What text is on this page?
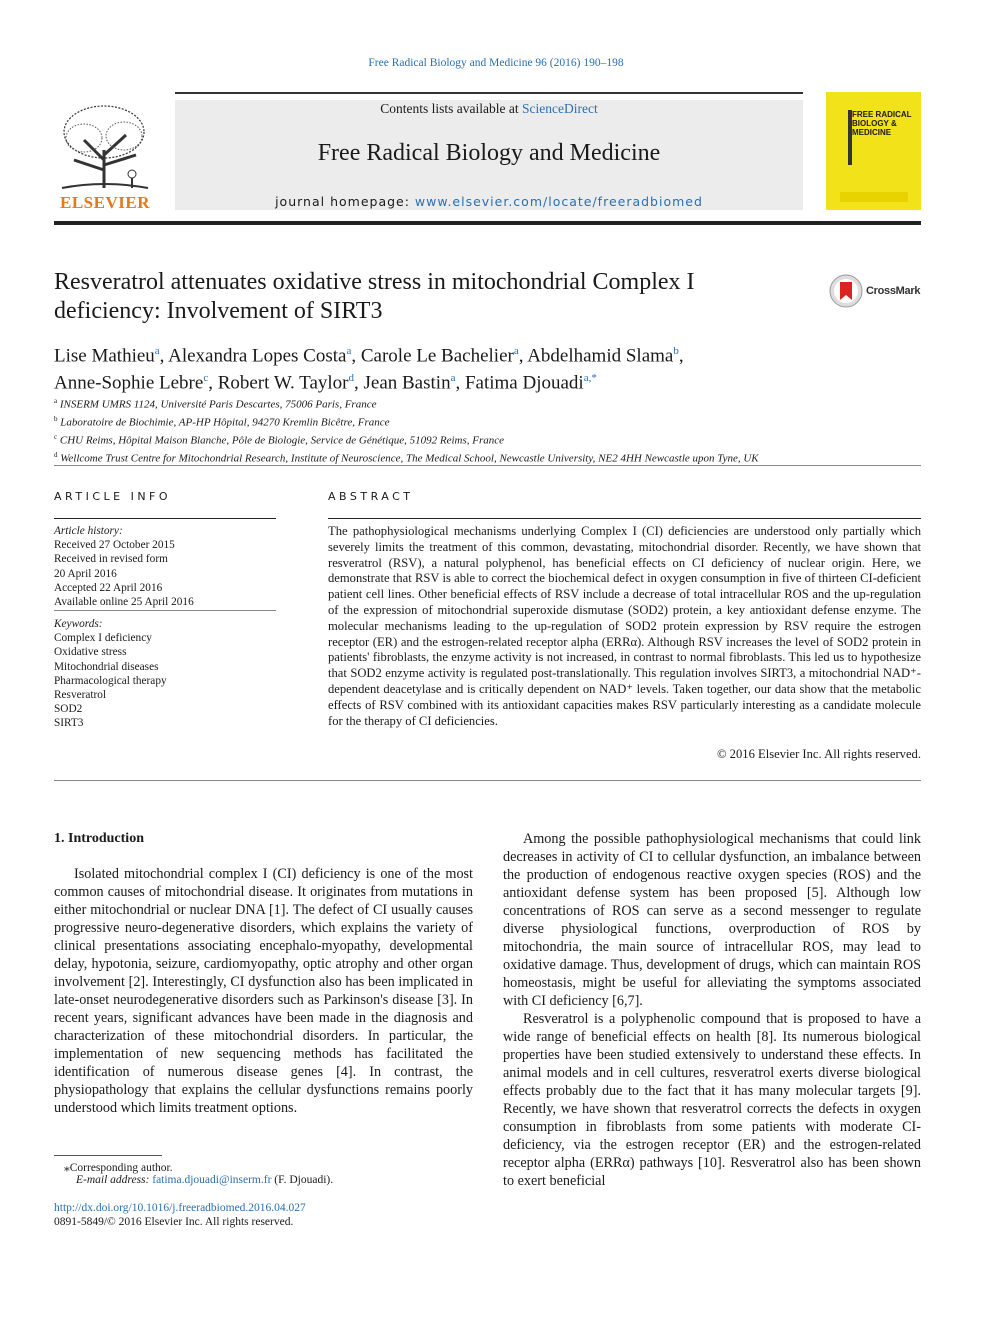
Free Radical Biology and Medicine 96 (2016) 190–198
ELSEVIER
Contents lists available at ScienceDirect
Free Radical Biology and Medicine
journal homepage: www.elsevier.com/locate/freeradbiomed
FREE RADICAL BIOLOGY & MEDICINE
Resveratrol attenuates oxidative stress in mitochondrial Complex I deficiency: Involvement of SIRT3
CrossMark
Lise Mathieu$^a$, Alexandra Lopes Costa$^a$, Carole Le Bachelier$^a$, Abdelhamid Slama$^b$,
Anne-Sophie Lebre$^c$, Robert W. Taylor$^d$, Jean Bastin$^a$, Fatima Djouadi$^{a,*}$
$^a$ INSERM UMRS 1124, Université Paris Descartes, 75006 Paris, France
$^b$ Laboratoire de Biochimie, AP-HP Hôpital, 94270 Kremlin Bicêtre, France
$^c$ CHU Reims, Hôpital Maison Blanche, Pôle de Biologie, Service de Génétique, 51092 Reims, France
$^d$ Wellcome Trust Centre for Mitochondrial Research, Institute of Neuroscience, The Medical School, Newcastle University, NE2 4HH Newcastle upon Tyne, UK
ARTICLE INFO
Article history:
Received 27 October 2015
Received in revised form
20 April 2016
Accepted 22 April 2016
Available online 25 April 2016
Keywords:
Complex I deficiency
Oxidative stress
Mitochondrial diseases
Pharmacological therapy
Resveratrol
SOD2
SIRT3
ABSTRACT
The pathophysiological mechanisms underlying Complex I (CI) deficiencies are understood only partially which severely limits the treatment of this common, devastating, mitochondrial disorder. Recently, we have shown that resveratrol (RSV), a natural polyphenol, has beneficial effects on CI deficiency of nuclear origin. Here, we demonstrate that RSV is able to correct the biochemical defect in oxygen consumption in five of thirteen CI-deficient patient cell lines. Other beneficial effects of RSV include a decrease of total intracellular ROS and the up-regulation of the expression of mitochondrial superoxide dismutase (SOD2) protein, a key antioxidant defense enzyme. The molecular mechanisms leading to the up-regulation of SOD2 protein expression by RSV require the estrogen receptor (ER) and the estrogen-related receptor alpha (ERRα). Although RSV increases the level of SOD2 protein in patients' fibroblasts, the enzyme activity is not increased, in contrast to normal fibroblasts. This led us to hypothesize that SOD2 enzyme activity is regulated post-translationally. This regulation involves SIRT3, a mitochondrial NAD⁺-dependent deacetylase and is critically dependent on NAD⁺ levels. Taken together, our data show that the metabolic effects of RSV combined with its antioxidant capacities makes RSV particularly interesting as a candidate molecule for the therapy of CI deficiencies.
© 2016 Elsevier Inc. All rights reserved.
1. Introduction

Isolated mitochondrial complex I (CI) deficiency is one of the most common causes of mitochondrial disease. It originates from mutations in either mitochondrial or nuclear DNA [1]. The defect of CI usually causes progressive neuro-degenerative disorders, which explains the variety of clinical presentations associating encephalo-myopathy, developmental delay, hypotonia, seizure, cardiomyopathy, optic atrophy and other organ involvement [2]. Interestingly, CI dysfunction also has been implicated in late-onset neurodegenerative disorders such as Parkinson's disease [3]. In recent years, significant advances have been made in the diagnosis and characterization of these mitochondrial disorders. In particular, the implementation of new sequencing methods has facilitated the identification of numerous disease genes [4]. In contrast, the physiopathology that explains the cellular dysfunctions remains poorly understood which limits treatment options.

Among the possible pathophysiological mechanisms that could link decreases in activity of CI to cellular dysfunction, an imbalance between the production of endogenous reactive oxygen species (ROS) and the antioxidant defense system has been proposed [5]. Although low concentrations of ROS can serve as a second messenger to regulate diverse physiological functions, overproduction of ROS by mitochondria, the main source of intracellular ROS, may lead to oxidative damage. Thus, development of drugs, which can maintain ROS homeostasis, might be useful for alleviating the symptoms associated with CI deficiency [6,7].

Resveratrol is a polyphenolic compound that is proposed to have a wide range of beneficial effects on health [8]. Its numerous biological properties have been studied extensively to understand these effects. In animal models and in cell cultures, resveratrol exerts diverse biological effects probably due to the fact that it has many molecular targets [9]. Recently, we have shown that resveratrol corrects the defects in oxygen consumption in fibroblasts from some patients with moderate CI-deficiency, via the estrogen receptor (ER) and the estrogen-related receptor alpha (ERRα) pathways [10]. Resveratrol also has been shown to exert beneficial

⁎Corresponding author.
E-mail address: fatima.djouadi@inserm.fr (F. Djouadi).
http://dx.doi.org/10.1016/j.freeradbiomed.2016.04.027
0891-5849/© 2016 Elsevier Inc. All rights reserved.
